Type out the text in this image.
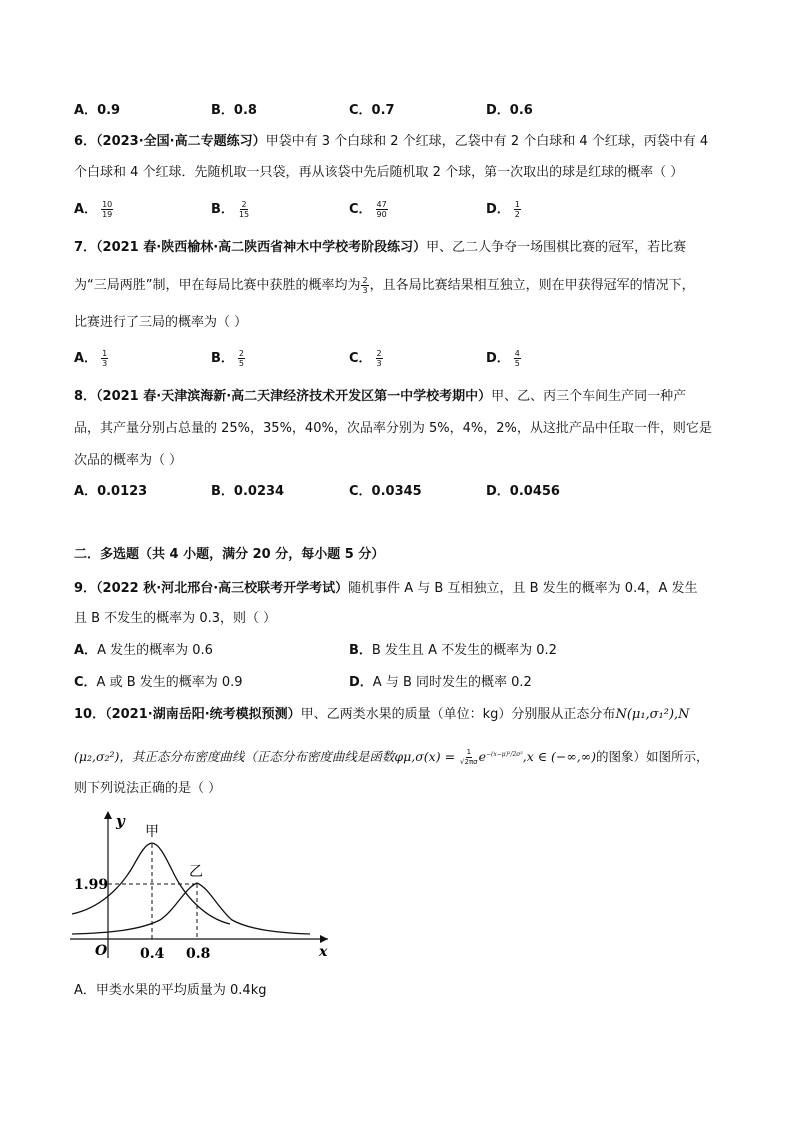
A．0.9	B．0.8	C．0.7	D．0.6
6．（2023·全国·高二专题练习）甲袋中有 3 个白球和 2 个红球，乙袋中有 2 个白球和 4 个红球，丙袋中有 4
个白球和 4 个红球．先随机取一只袋，再从该袋中先后随机取 2 个球，第一次取出的球是红球的概率（ ）
A． $\frac{10}{19}$	B． $\frac{2}{15}$	C． $\frac{47}{90}$	D． $\frac{1}{2}$
7．（2021 春·陕西榆林·高二陕西省神木中学校考阶段练习）甲、乙二人争夺一场围棋比赛的冠军，若比赛
为“三局两胜”制，甲在每局比赛中获胜的概率均为 $\frac{2}{3}$ ，且各局比赛结果相互独立，则在甲获得冠军的情况下，
比赛进行了三局的概率为（ ）
A． $\frac{1}{3}$	B． $\frac{2}{5}$	C． $\frac{2}{3}$	D． $\frac{4}{5}$
8．（2021 春·天津滨海新·高二天津经济技术开发区第一中学校考期中）甲、乙、丙三个车间生产同一种产
品，其产量分别占总量的 25%，35%，40%，次品率分别为 5%，4%，2%，从这批产品中任取一件，则它是
次品的概率为（ ）
A．0.0123	B．0.0234	C．0.0345	D．0.0456
二．多选题（共 4 小题，满分 20 分，每小题 5 分）
9．（2022 秋·河北邢台·高三校联考开学考试）随机事件 A 与 B 互相独立，且 B 发生的概率为 0.4，A 发生
且 B 不发生的概率为 0.3，则（ ）
A．A 发生的概率为 0.6	B．B 发生且 A 不发生的概率为 0.2
C．A 或 B 发生的概率为 0.9	D．A 与 B 同时发生的概率 0.2
10．（2021·湖南岳阳·统考模拟预测）甲、乙两类水果的质量（单位：kg）分别服从正态分布N(μ₁,σ₁²),N
(μ₂,σ₂²)，其正态分布密度曲线（正态分布密度曲线是函数$\varphi\mu,\sigma(x) = \frac{1}{√2\pi\sigma} e^{-(x-\mu)^2/2\sigma^2},x$ ∈ (−∞,∞)的图象）如图所示，
则下列说法正确的是（ ）
y
x
O
甲
乙
1.99
0.4 0.8
A．甲类水果的平均质量为 0.4kg
